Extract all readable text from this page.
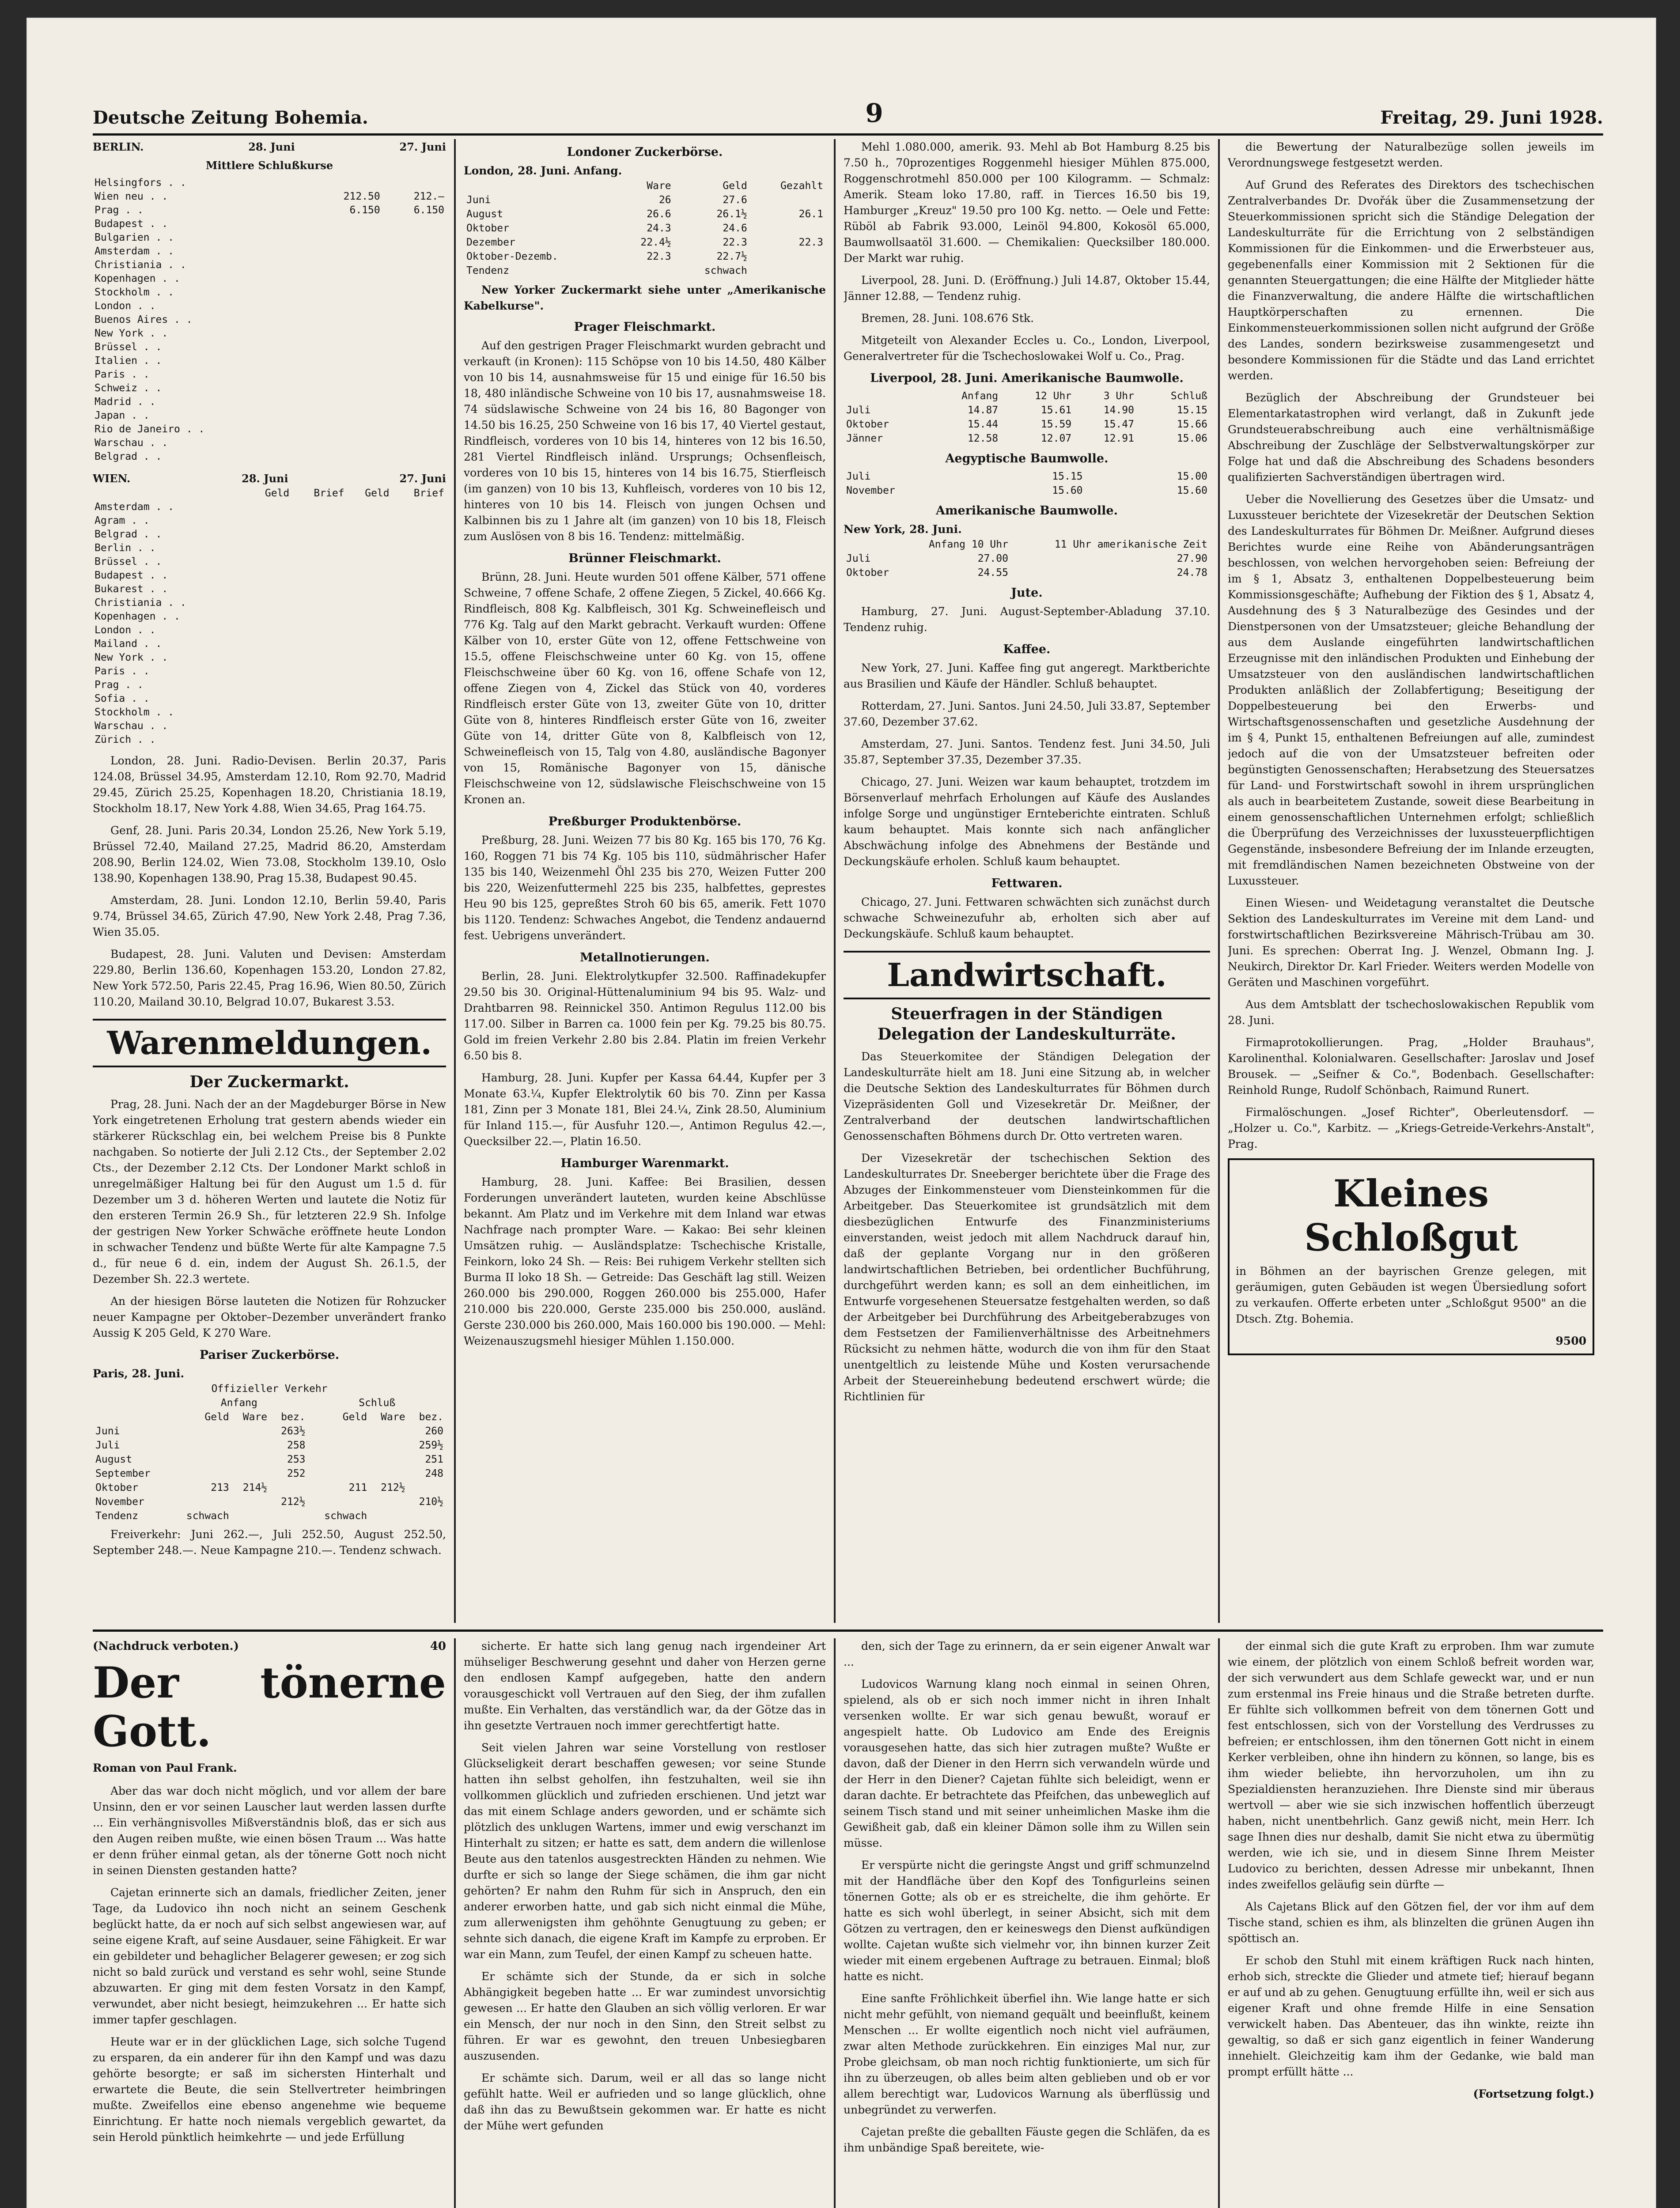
Deutsche Zeitung Bohemia.	9	Freitag, 29. Juni 1928.
BERLIN.	28. Juni	27. Juni
Mittlere Schlußkurse
Helsingfors . .		
Wien neu . .	212.50	212.—
Prag . .	6.150	6.150
Budapest . .		
Bulgarien . .		
Amsterdam . .		
Christiania . .		
Kopenhagen . .		
Stockholm . .		
London . .		
Buenos Aires . .		
New York . .		
Brüssel . .		
Italien . .		
Paris . .		
Schweiz . .		
Madrid . .		
Japan . .		
Rio de Janeiro . .		
Warschau . .		
Belgrad . .		
WIEN.	28. Juni	27. Juni
	Geld	Brief	Geld	Brief
Amsterdam . .				
Agram . .				
Belgrad . .				
Berlin . .				
Brüssel . .				
Budapest . .				
Bukarest . .				
Christiania . .				
Kopenhagen . .				
London . .				
Mailand . .				
New York . .				
Paris . .				
Prag . .				
Sofia . .				
Stockholm . .				
Warschau . .				
Zürich . .				

London, 28. Juni. Radio-Devisen. Berlin 20.37, Paris 124.08, Brüssel 34.95, Amsterdam 12.10, Rom 92.70, Madrid 29.45, Zürich 25.25, Kopenhagen 18.20, Christiania 18.19, Stockholm 18.17, New York 4.88, Wien 34.65, Prag 164.75.

Genf, 28. Juni. Paris 20.34, London 25.26, New York 5.19, Brüssel 72.40, Mailand 27.25, Madrid 86.20, Amsterdam 208.90, Berlin 124.02, Wien 73.08, Stockholm 139.10, Oslo 138.90, Kopenhagen 138.90, Prag 15.38, Budapest 90.45.

Amsterdam, 28. Juni. London 12.10, Berlin 59.40, Paris 9.74, Brüssel 34.65, Zürich 47.90, New York 2.48, Prag 7.36, Wien 35.05.

Budapest, 28. Juni. Valuten und Devisen: Amsterdam 229.80, Berlin 136.60, Kopenhagen 153.20, London 27.82, New York 572.50, Paris 22.45, Prag 16.96, Wien 80.50, Zürich 110.20, Mailand 30.10, Belgrad 10.07, Bukarest 3.53.

Warenmeldungen.
Der Zuckermarkt.

Prag, 28. Juni. Nach der an der Magdeburger Börse in New York eingetretenen Erholung trat gestern abends wieder ein stärkerer Rückschlag ein, bei welchem Preise bis 8 Punkte nachgaben. So notierte der Juli 2.12 Cts., der September 2.02 Cts., der Dezember 2.12 Cts. Der Londoner Markt schloß in unregelmäßiger Haltung bei für den August um 1.5 d. für Dezember um 3 d. höheren Werten und lautete die Notiz für den ersteren Termin 26.9 Sh., für letzteren 22.9 Sh. Infolge der gestrigen New Yorker Schwäche eröffnete heute London in schwacher Tendenz und büßte Werte für alte Kampagne 7.5 d., für neue 6 d. ein, indem der August Sh. 26.1.5, der Dezember Sh. 22.3 wertete.

An der hiesigen Börse lauteten die Notizen für Rohzucker neuer Kampagne per Oktober–Dezember unverändert franko Aussig K 205 Geld, K 270 Ware.

Pariser Zuckerbörse.
Paris, 28. Juni.
Offizieller Verkehr						
	Anfang			Schluß		
	Geld	Ware	bez.	Geld	Ware	bez.
Juni			263½			260
Juli			258			259½
August			253			251
September			252			248
Oktober	213	214½		211	212½	
November			212½			210½
Tendenz	schwach			schwach		

Freiverkehr: Juni 262.—, Juli 252.50, August 252.50, September 248.—. Neue Kampagne 210.—. Tendenz schwach.

Londoner Zuckerbörse.
London, 28. Juni. Anfang.
	Ware	Geld	Gezahlt
Juni	26	27.6	
August	26.6	26.1½	26.1
Oktober	24.3	24.6	
Dezember	22.4½	22.3	22.3
Oktober-Dezemb.	22.3	22.7½	
Tendenz		schwach	

New Yorker Zuckermarkt siehe unter „Amerikanische Kabelkurse".

Prager Fleischmarkt.

Auf den gestrigen Prager Fleischmarkt wurden gebracht und verkauft (in Kronen): 115 Schöpse von 10 bis 14.50, 480 Kälber von 10 bis 14, ausnahmsweise für 15 und einige für 16.50 bis 18, 480 inländische Schweine von 10 bis 17, ausnahmsweise 18. 74 südslawische Schweine von 24 bis 16, 80 Bagonger von 14.50 bis 16.25, 250 Schweine von 16 bis 17, 40 Viertel gestaut, Rindfleisch, vorderes von 10 bis 14, hinteres von 12 bis 16.50, 281 Viertel Rindfleisch inländ. Ursprungs; Ochsenfleisch, vorderes von 10 bis 15, hinteres von 14 bis 16.75, Stierfleisch (im ganzen) von 10 bis 13, Kuhfleisch, vorderes von 10 bis 12, hinteres von 10 bis 14. Fleisch von jungen Ochsen und Kalbinnen bis zu 1 Jahre alt (im ganzen) von 10 bis 18, Fleisch zum Auslösen von 8 bis 16. Tendenz: mittelmäßig.

Brünner Fleischmarkt.

Brünn, 28. Juni. Heute wurden 501 offene Kälber, 571 offene Schweine, 7 offene Schafe, 2 offene Ziegen, 5 Zickel, 40.666 Kg. Rindfleisch, 808 Kg. Kalbfleisch, 301 Kg. Schweinefleisch und 776 Kg. Talg auf den Markt gebracht. Verkauft wurden: Offene Kälber von 10, erster Güte von 12, offene Fettschweine von 15.5, offene Fleischschweine unter 60 Kg. von 15, offene Fleischschweine über 60 Kg. von 16, offene Schafe von 12, offene Ziegen von 4, Zickel das Stück von 40, vorderes Rindfleisch erster Güte von 13, zweiter Güte von 10, dritter Güte von 8, hinteres Rindfleisch erster Güte von 16, zweiter Güte von 14, dritter Güte von 8, Kalbfleisch von 12, Schweinefleisch von 15, Talg von 4.80, ausländische Bagonyer von 15, Romänische Bagonyer von 15, dänische Fleischschweine von 12, südslawische Fleischschweine von 15 Kronen an.

Preßburger Produktenbörse.

Preßburg, 28. Juni. Weizen 77 bis 80 Kg. 165 bis 170, 76 Kg. 160, Roggen 71 bis 74 Kg. 105 bis 110, südmährischer Hafer 135 bis 140, Weizenmehl Öhl 235 bis 270, Weizen Futter 200 bis 220, Weizenfuttermehl 225 bis 235, halbfettes, geprestes Heu 90 bis 125, gepreßtes Stroh 60 bis 65, amerik. Fett 1070 bis 1120. Tendenz: Schwaches Angebot, die Tendenz andauernd fest. Uebrigens unverändert.

Metallnotierungen.

Berlin, 28. Juni. Elektrolytkupfer 32.500. Raffinadekupfer 29.50 bis 30. Original-Hüttenaluminium 94 bis 95. Walz- und Drahtbarren 98. Reinnickel 350. Antimon Regulus 112.00 bis 117.00. Silber in Barren ca. 1000 fein per Kg. 79.25 bis 80.75. Gold im freien Verkehr 2.80 bis 2.84. Platin im freien Verkehr 6.50 bis 8.

Hamburg, 28. Juni. Kupfer per Kassa 64.44, Kupfer per 3 Monate 63.¼, Kupfer Elektrolytik 60 bis 70. Zinn per Kassa 181, Zinn per 3 Monate 181, Blei 24.¼, Zink 28.50, Aluminium für Inland 115.—, für Ausfuhr 120.—, Antimon Regulus 42.—, Quecksilber 22.—, Platin 16.50.

Hamburger Warenmarkt.

Hamburg, 28. Juni. Kaffee: Bei Brasilien, dessen Forderungen unverändert lauteten, wurden keine Abschlüsse bekannt. Am Platz und im Verkehre mit dem Inland war etwas Nachfrage nach prompter Ware. — Kakao: Bei sehr kleinen Umsätzen ruhig. — Ausländsplatze: Tschechische Kristalle, Feinkorn, loko 24 Sh. — Reis: Bei ruhigem Verkehr stellten sich Burma II loko 18 Sh. — Getreide: Das Geschäft lag still. Weizen 260.000 bis 290.000, Roggen 260.000 bis 255.000, Hafer 210.000 bis 220.000, Gerste 235.000 bis 250.000, ausländ. Gerste 230.000 bis 260.000, Mais 160.000 bis 190.000. — Mehl: Weizenauszugsmehl hiesiger Mühlen 1.150.000.

Mehl 1.080.000, amerik. 93. Mehl ab Bot Hamburg 8.25 bis 7.50 h., 70prozentiges Roggenmehl hiesiger Mühlen 875.000, Roggenschrotmehl 850.000 per 100 Kilogramm. — Schmalz: Amerik. Steam loko 17.80, raff. in Tierces 16.50 bis 19, Hamburger „Kreuz" 19.50 pro 100 Kg. netto. — Oele und Fette: Rüböl ab Fabrik 93.000, Leinöl 94.800, Kokosöl 65.000, Baumwollsaatöl 31.600. — Chemikalien: Quecksilber 180.000. Der Markt war ruhig.

Liverpool, 28. Juni. D. (Eröffnung.) Juli 14.87, Oktober 15.44, Jänner 12.88, — Tendenz ruhig.

Bremen, 28. Juni. 108.676 Stk.

Mitgeteilt von Alexander Eccles u. Co., London, Liverpool, Generalvertreter für die Tschechoslowakei Wolf u. Co., Prag.

Liverpool, 28. Juni. Amerikanische Baumwolle.
	Anfang	12 Uhr	3 Uhr	Schluß
Juli	14.87	15.61	14.90	15.15
Oktober	15.44	15.59	15.47	15.66
Jänner	12.58	12.07	12.91	15.06
Aegyptische Baumwolle.
Juli	15.15			15.00
November	15.60			15.60
Amerikanische Baumwolle.
New York, 28. Juni.
	Anfang 10 Uhr	11 Uhr amerikanische Zeit
Juli	27.00	27.90
Oktober	24.55	24.78
Jute.

Hamburg, 27. Juni. August-September-Abladung 37.10. Tendenz ruhig.

Kaffee.

New York, 27. Juni. Kaffee fing gut angeregt. Marktberichte aus Brasilien und Käufe der Händler. Schluß behauptet.

Rotterdam, 27. Juni. Santos. Juni 24.50, Juli 33.87, September 37.60, Dezember 37.62.

Amsterdam, 27. Juni. Santos. Tendenz fest. Juni 34.50, Juli 35.87, September 37.35, Dezember 37.35.

Chicago, 27. Juni. Weizen war kaum behauptet, trotzdem im Börsenverlauf mehrfach Erholungen auf Käufe des Auslandes infolge Sorge und ungünstiger Ernteberichte eintraten. Schluß kaum behauptet. Mais konnte sich nach anfänglicher Abschwächung infolge des Abnehmens der Bestände und Deckungskäufe erholen. Schluß kaum behauptet.

Fettwaren.

Chicago, 27. Juni. Fettwaren schwächten sich zunächst durch schwache Schweinezufuhr ab, erholten sich aber auf Deckungskäufe. Schluß kaum behauptet.

Landwirtschaft.
Steuerfragen in der Ständigen Delegation der Landeskulturräte.

Das Steuerkomitee der Ständigen Delegation der Landeskulturräte hielt am 18. Juni eine Sitzung ab, in welcher die Deutsche Sektion des Landeskulturrates für Böhmen durch Vizepräsidenten Goll und Vizesekretär Dr. Meißner, der Zentralverband der deutschen landwirtschaftlichen Genossenschaften Böhmens durch Dr. Otto vertreten waren.

Der Vizesekretär der tschechischen Sektion des Landeskulturrates Dr. Sneeberger berichtete über die Frage des Abzuges der Einkommensteuer vom Diensteinkommen für die Arbeitgeber. Das Steuerkomitee ist grundsätzlich mit dem diesbezüglichen Entwurfe des Finanzministeriums einverstanden, weist jedoch mit allem Nachdruck darauf hin, daß der geplante Vorgang nur in den größeren landwirtschaftlichen Betrieben, bei ordentlicher Buchführung, durchgeführt werden kann; es soll an dem einheitlichen, im Entwurfe vorgesehenen Steuersatze festgehalten werden, so daß der Arbeitgeber bei Durchführung des Arbeitgeberabzuges von dem Festsetzen der Familienverhältnisse des Arbeitnehmers Rücksicht zu nehmen hätte, wodurch die von ihm für den Staat unentgeltlich zu leistende Mühe und Kosten verursachende Arbeit der Steuereinhebung bedeutend erschwert würde; die Richtlinien für

die Bewertung der Naturalbezüge sollen jeweils im Verordnungswege festgesetzt werden.

Auf Grund des Referates des Direktors des tschechischen Zentralverbandes Dr. Dvořák über die Zusammensetzung der Steuerkommissionen spricht sich die Ständige Delegation der Landeskulturräte für die Errichtung von 2 selbständigen Kommissionen für die Einkommen- und die Erwerbsteuer aus, gegebenenfalls einer Kommission mit 2 Sektionen für die genannten Steuergattungen; die eine Hälfte der Mitglieder hätte die Finanzverwaltung, die andere Hälfte die wirtschaftlichen Hauptkörperschaften zu ernennen. Die Einkommensteuerkommissionen sollen nicht aufgrund der Größe des Landes, sondern bezirksweise zusammengesetzt und besondere Kommissionen für die Städte und das Land errichtet werden.

Bezüglich der Abschreibung der Grundsteuer bei Elementarkatastrophen wird verlangt, daß in Zukunft jede Grundsteuerabschreibung auch eine verhältnismäßige Abschreibung der Zuschläge der Selbstverwaltungskörper zur Folge hat und daß die Abschreibung des Schadens besonders qualifizierten Sachverständigen übertragen wird.

Ueber die Novellierung des Gesetzes über die Umsatz- und Luxussteuer berichtete der Vizesekretär der Deutschen Sektion des Landeskulturrates für Böhmen Dr. Meißner. Aufgrund dieses Berichtes wurde eine Reihe von Abänderungsanträgen beschlossen, von welchen hervorgehoben seien: Befreiung der im § 1, Absatz 3, enthaltenen Doppelbesteuerung beim Kommissionsgeschäfte; Aufhebung der Fiktion des § 1, Absatz 4, Ausdehnung des § 3 Naturalbezüge des Gesindes und der Dienstpersonen von der Umsatzsteuer; gleiche Behandlung der aus dem Auslande eingeführten landwirtschaftlichen Erzeugnisse mit den inländischen Produkten und Einhebung der Umsatzsteuer von den ausländischen landwirtschaftlichen Produkten anläßlich der Zollabfertigung; Beseitigung der Doppelbesteuerung bei den Erwerbs- und Wirtschaftsgenossenschaften und gesetzliche Ausdehnung der im § 4, Punkt 15, enthaltenen Befreiungen auf alle, zumindest jedoch auf die von der Umsatzsteuer befreiten oder begünstigten Genossenschaften; Herabsetzung des Steuersatzes für Land- und Forstwirtschaft sowohl in ihrem ursprünglichen als auch in bearbeitetem Zustande, soweit diese Bearbeitung in einem genossenschaftlichen Unternehmen erfolgt; schließlich die Überprüfung des Verzeichnisses der luxussteuerpflichtigen Gegenstände, insbesondere Befreiung der im Inlande erzeugten, mit fremdländischen Namen bezeichneten Obstweine von der Luxussteuer.

Einen Wiesen- und Weidetagung veranstaltet die Deutsche Sektion des Landeskulturrates im Vereine mit dem Land- und forstwirtschaftlichen Bezirksvereine Mährisch-Trübau am 30. Juni. Es sprechen: Oberrat Ing. J. Wenzel, Obmann Ing. J. Neukirch, Direktor Dr. Karl Frieder. Weiters werden Modelle von Geräten und Maschinen vorgeführt.

Aus dem Amtsblatt der tschechoslowakischen Republik vom 28. Juni.

Firmaprotokollierungen. Prag, „Holder Brauhaus", Karolinenthal. Kolonialwaren. Gesellschafter: Jaroslav und Josef Brousek. — „Seifner & Co.", Bodenbach. Gesellschafter: Reinhold Runge, Rudolf Schönbach, Raimund Runert.

Firmalöschungen. „Josef Richter", Oberleutensdorf. — „Holzer u. Co.", Karbitz. — „Kriegs-Getreide-Verkehrs-Anstalt", Prag.

Kleines Schloßgut

in Böhmen an der bayrischen Grenze gelegen, mit geräumigen, guten Gebäuden ist wegen Übersiedlung sofort zu verkaufen. Offerte erbeten unter „Schloßgut 9500" an die Dtsch. Ztg. Bohemia.

9500
(Nachdruck verboten.)	40
Der tönerne Gott.
Roman von Paul Frank.

Aber das war doch nicht möglich, und vor allem der bare Unsinn, den er vor seinen Lauscher laut werden lassen durfte ... Ein verhängnisvolles Mißverständnis bloß, das er sich aus den Augen reiben mußte, wie einen bösen Traum ... Was hatte er denn früher einmal getan, als der tönerne Gott noch nicht in seinen Diensten gestanden hatte?

Cajetan erinnerte sich an damals, friedlicher Zeiten, jener Tage, da Ludovico ihn noch nicht an seinem Geschenk beglückt hatte, da er noch auf sich selbst angewiesen war, auf seine eigene Kraft, auf seine Ausdauer, seine Fähigkeit. Er war ein gebildeter und behaglicher Belagerer gewesen; er zog sich nicht so bald zurück und verstand es sehr wohl, seine Stunde abzuwarten. Er ging mit dem festen Vorsatz in den Kampf, verwundet, aber nicht besiegt, heimzukehren ... Er hatte sich immer tapfer geschlagen.

Heute war er in der glücklichen Lage, sich solche Tugend zu ersparen, da ein anderer für ihn den Kampf und was dazu gehörte besorgte; er saß im sichersten Hinterhalt und erwartete die Beute, die sein Stellvertreter heimbringen mußte. Zweifellos eine ebenso angenehme wie bequeme Einrichtung. Er hatte noch niemals vergeblich gewartet, da sein Herold pünktlich heimkehrte — und jede Erfüllung

sicherte. Er hatte sich lang genug nach irgendeiner Art mühseliger Beschwerung gesehnt und daher von Herzen gerne den endlosen Kampf aufgegeben, hatte den andern vorausgeschickt voll Vertrauen auf den Sieg, der ihm zufallen mußte. Ein Verhalten, das verständlich war, da der Götze das in ihn gesetzte Vertrauen noch immer gerechtfertigt hatte.

Seit vielen Jahren war seine Vorstellung von restloser Glückseligkeit derart beschaffen gewesen; vor seine Stunde hatten ihn selbst geholfen, ihn festzuhalten, weil sie ihn vollkommen glücklich und zufrieden erschienen. Und jetzt war das mit einem Schlage anders geworden, und er schämte sich plötzlich des unklugen Wartens, immer und ewig verschanzt im Hinterhalt zu sitzen; er hatte es satt, dem andern die willenlose Beute aus den tatenlos ausgestreckten Händen zu nehmen. Wie durfte er sich so lange der Siege schämen, die ihm gar nicht gehörten? Er nahm den Ruhm für sich in Anspruch, den ein anderer erworben hatte, und gab sich nicht einmal die Mühe, zum allerwenigsten ihm gehöhnte Genugtuung zu geben; er sehnte sich danach, die eigene Kraft im Kampfe zu erproben. Er war ein Mann, zum Teufel, der einen Kampf zu scheuen hatte.

Er schämte sich der Stunde, da er sich in solche Abhängigkeit begeben hatte ... Er war zumindest unvorsichtig gewesen ... Er hatte den Glauben an sich völlig verloren. Er war ein Mensch, der nur noch in den Sinn, den Streit selbst zu führen. Er war es gewohnt, den treuen Unbesiegbaren auszusenden.

Er schämte sich. Darum, weil er all das so lange nicht gefühlt hatte. Weil er aufrieden und so lange glücklich, ohne daß ihn das zu Bewußtsein gekommen war. Er hatte es nicht der Mühe wert gefunden

den, sich der Tage zu erinnern, da er sein eigener Anwalt war ...

Ludovicos Warnung klang noch einmal in seinen Ohren, spielend, als ob er sich noch immer nicht in ihren Inhalt versenken wollte. Er war sich genau bewußt, worauf er angespielt hatte. Ob Ludovico am Ende des Ereignis vorausgesehen hatte, das sich hier zutragen mußte? Wußte er davon, daß der Diener in den Herrn sich verwandeln würde und der Herr in den Diener? Cajetan fühlte sich beleidigt, wenn er daran dachte. Er betrachtete das Pfeifchen, das unbeweglich auf seinem Tisch stand und mit seiner unheimlichen Maske ihm die Gewißheit gab, daß ein kleiner Dämon solle ihm zu Willen sein müsse.

Er verspürte nicht die geringste Angst und griff schmunzelnd mit der Handfläche über den Kopf des Tonfigurleins seinen tönernen Gotte; als ob er es streichelte, die ihm gehörte. Er hatte es sich wohl überlegt, in seiner Absicht, sich mit dem Götzen zu vertragen, den er keineswegs den Dienst aufkündigen wollte. Cajetan wußte sich vielmehr vor, ihn binnen kurzer Zeit wieder mit einem ergebenen Auftrage zu betrauen. Einmal; bloß hatte es nicht.

Eine sanfte Fröhlichkeit überfiel ihn. Wie lange hatte er sich nicht mehr gefühlt, von niemand gequält und beeinflußt, keinem Menschen ... Er wollte eigentlich noch nicht viel aufräumen, zwar alten Methode zurückkehren. Ein einziges Mal nur, zur Probe gleichsam, ob man noch richtig funktionierte, um sich für ihn zu überzeugen, ob alles beim alten geblieben und ob er vor allem berechtigt war, Ludovicos Warnung als überflüssig und unbegründet zu verwerfen.

Cajetan preßte die geballten Fäuste gegen die Schläfen, da es ihm unbändige Spaß bereitete, wie-

der einmal sich die gute Kraft zu erproben. Ihm war zumute wie einem, der plötzlich von einem Schloß befreit worden war, der sich verwundert aus dem Schlafe geweckt war, und er nun zum erstenmal ins Freie hinaus und die Straße betreten durfte. Er fühlte sich vollkommen befreit von dem tönernen Gott und fest entschlossen, sich von der Vorstellung des Verdrusses zu befreien; er entschlossen, ihm den tönernen Gott nicht in einem Kerker verbleiben, ohne ihn hindern zu können, so lange, bis es ihm wieder beliebte, ihn hervorzuholen, um ihn zu Spezialdiensten heranzuziehen. Ihre Dienste sind mir überaus wertvoll — aber wie sie sich inzwischen hoffentlich überzeugt haben, nicht unentbehrlich. Ganz gewiß nicht, mein Herr. Ich sage Ihnen dies nur deshalb, damit Sie nicht etwa zu übermütig werden, wie ich sie, und in diesem Sinne Ihrem Meister Ludovico zu berichten, dessen Adresse mir unbekannt, Ihnen indes zweifellos geläufig sein dürfte —

Als Cajetans Blick auf den Götzen fiel, der vor ihm auf dem Tische stand, schien es ihm, als blinzelten die grünen Augen ihn spöttisch an.

Er schob den Stuhl mit einem kräftigen Ruck nach hinten, erhob sich, streckte die Glieder und atmete tief; hierauf begann er auf und ab zu gehen. Genugtuung erfüllte ihn, weil er sich aus eigener Kraft und ohne fremde Hilfe in eine Sensation verwickelt haben. Das Abenteuer, das ihn winkte, reizte ihn gewaltig, so daß er sich ganz eigentlich in feiner Wanderung innehielt. Gleichzeitig kam ihm der Gedanke, wie bald man prompt erfüllt hätte ...

(Fortsetzung folgt.)
